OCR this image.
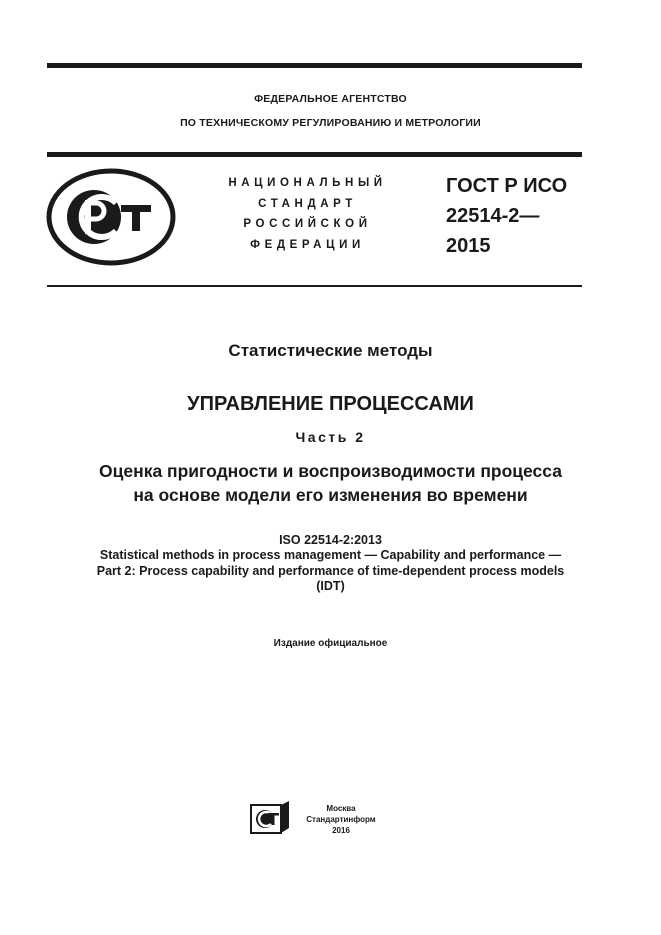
ФЕДЕРАЛЬНОЕ АГЕНТСТВО
ПО ТЕХНИЧЕСКОМУ РЕГУЛИРОВАНИЮ И МЕТРОЛОГИИ
НАЦИОНАЛЬНЫЙ
СТАНДАРТ
РОССИЙСКОЙ
ФЕДЕРАЦИИ
ГОСТ Р ИСО
22514-2—
2015
Статистические методы
УПРАВЛЕНИЕ ПРОЦЕССАМИ
Часть 2
Оценка пригодности и воспроизводимости процесса
на основе модели его изменения во времени
ISO 22514-2:2013
Statistical methods in process management — Capability and performance —
Part 2: Process capability and performance of time-dependent process models
(IDT)
Издание официальное
Москва
Стандартинформ
2016
